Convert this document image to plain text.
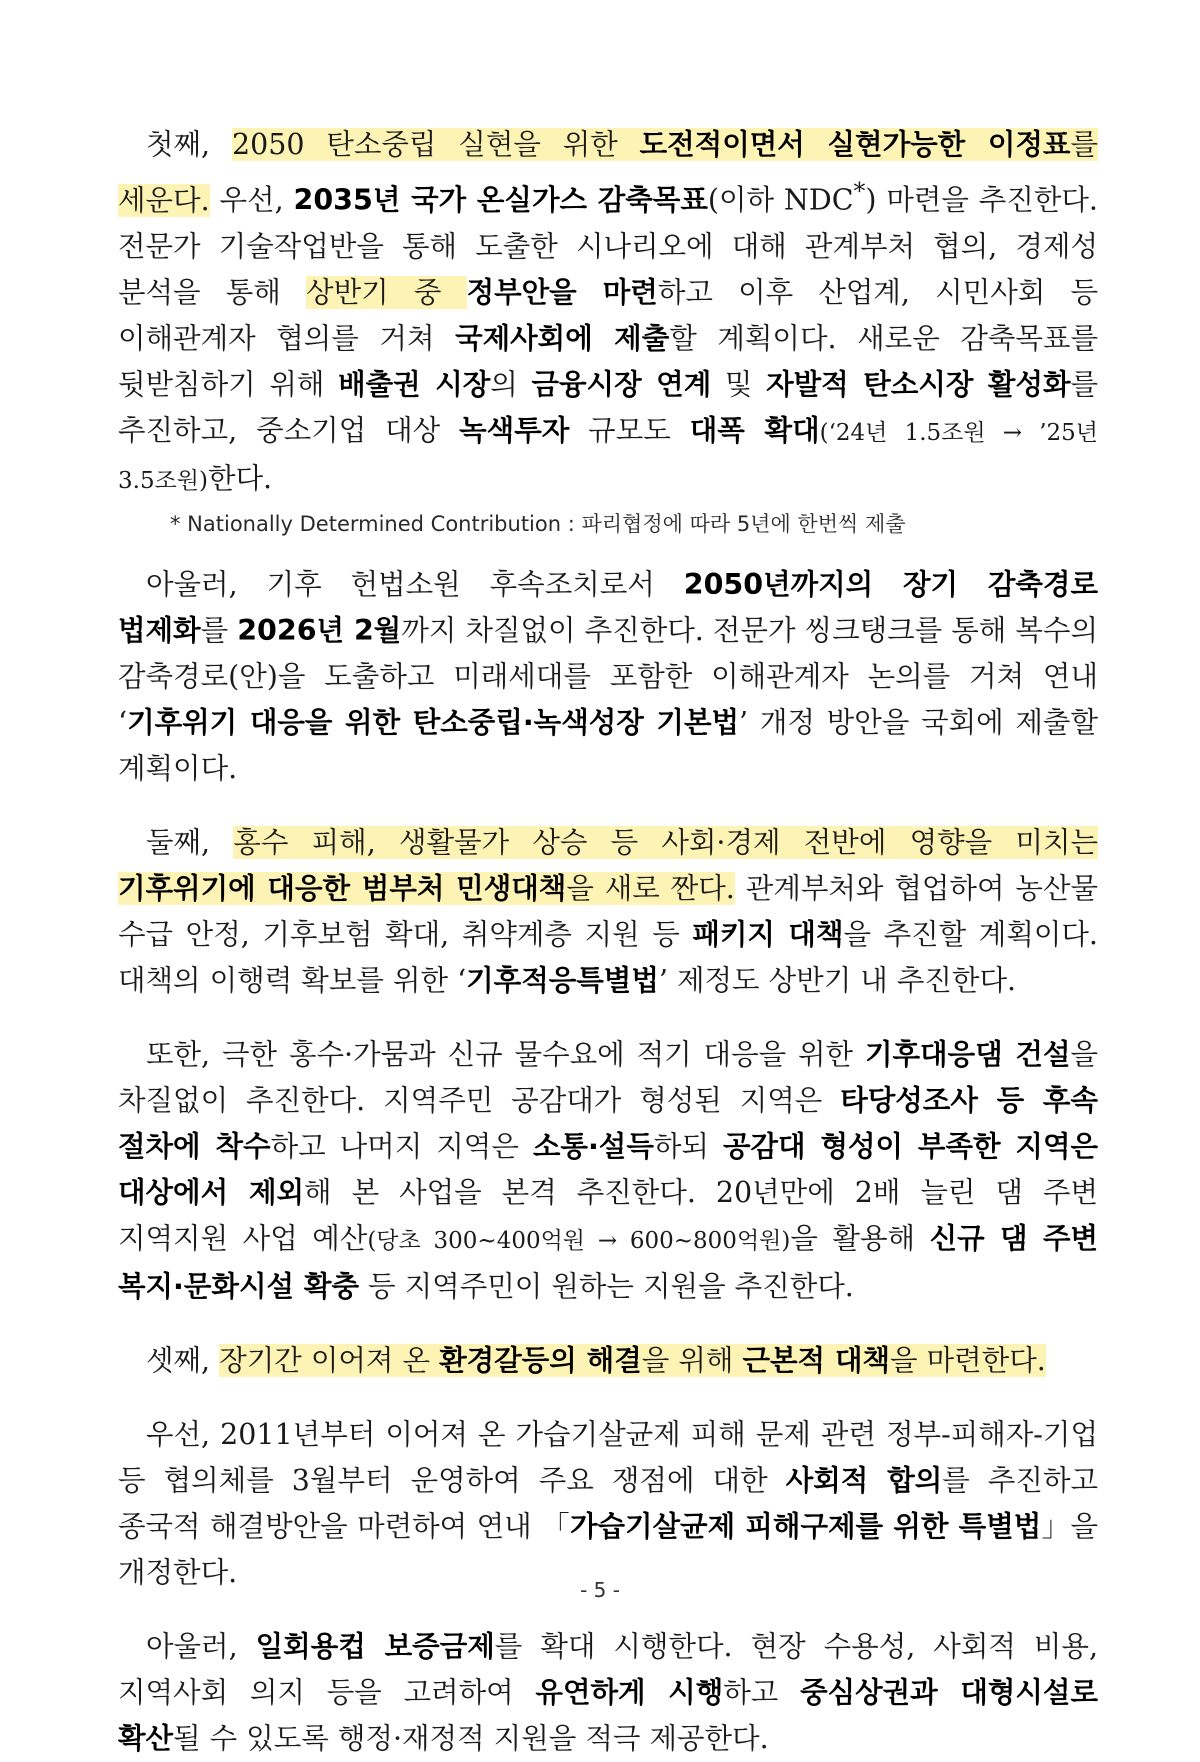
첫째, 2050 탄소중립 실현을 위한 도전적이면서 실현가능한 이정표를 세운다. 우선, 2035년 국가 온실가스 감축목표(이하 NDC*) 마련을 추진한다. 전문가 기술작업반을 통해 도출한 시나리오에 대해 관계부처 협의, 경제성 분석을 통해 상반기 중 정부안을 마련하고 이후 산업계, 시민사회 등 이해관계자 협의를 거쳐 국제사회에 제출할 계획이다. 새로운 감축목표를 뒷받침하기 위해 배출권 시장의 금융시장 연계 및 자발적 탄소시장 활성화를 추진하고, 중소기업 대상 녹색투자 규모도 대폭 확대(‘24년 1.5조원 → ’25년 3.5조원)한다.

* Nationally Determined Contribution : 파리협정에 따라 5년에 한번씩 제출

아울러, 기후 헌법소원 후속조치로서 2050년까지의 장기 감축경로 법제화를 2026년 2월까지 차질없이 추진한다. 전문가 씽크탱크를 통해 복수의 감축경로(안)을 도출하고 미래세대를 포함한 이해관계자 논의를 거쳐 연내 ‘기후위기 대응을 위한 탄소중립·녹색성장 기본법’ 개정 방안을 국회에 제출할 계획이다.

둘째, 홍수 피해, 생활물가 상승 등 사회·경제 전반에 영향을 미치는 기후위기에 대응한 범부처 민생대책을 새로 짠다. 관계부처와 협업하여 농산물 수급 안정, 기후보험 확대, 취약계층 지원 등 패키지 대책을 추진할 계획이다. 대책의 이행력 확보를 위한 ‘기후적응특별법’ 제정도 상반기 내 추진한다.

또한, 극한 홍수·가뭄과 신규 물수요에 적기 대응을 위한 기후대응댐 건설을 차질없이 추진한다. 지역주민 공감대가 형성된 지역은 타당성조사 등 후속 절차에 착수하고 나머지 지역은 소통·설득하되 공감대 형성이 부족한 지역은 대상에서 제외해 본 사업을 본격 추진한다. 20년만에 2배 늘린 댐 주변 지역지원 사업 예산(당초 300~400억원 → 600~800억원)을 활용해 신규 댐 주변 복지·문화시설 확충 등 지역주민이 원하는 지원을 추진한다.

셋째, 장기간 이어져 온 환경갈등의 해결을 위해 근본적 대책을 마련한다.

우선, 2011년부터 이어져 온 가습기살균제 피해 문제 관련 정부-피해자-기업 등 협의체를 3월부터 운영하여 주요 쟁점에 대한 사회적 합의를 추진하고 종국적 해결방안을 마련하여 연내 「가습기살균제 피해구제를 위한 특별법」을 개정한다.

아울러, 일회용컵 보증금제를 확대 시행한다. 현장 수용성, 사회적 비용, 지역사회 의지 등을 고려하여 유연하게 시행하고 중심상권과 대형시설로 확산될 수 있도록 행정·재정적 지원을 적극 제공한다.

- 5 -
